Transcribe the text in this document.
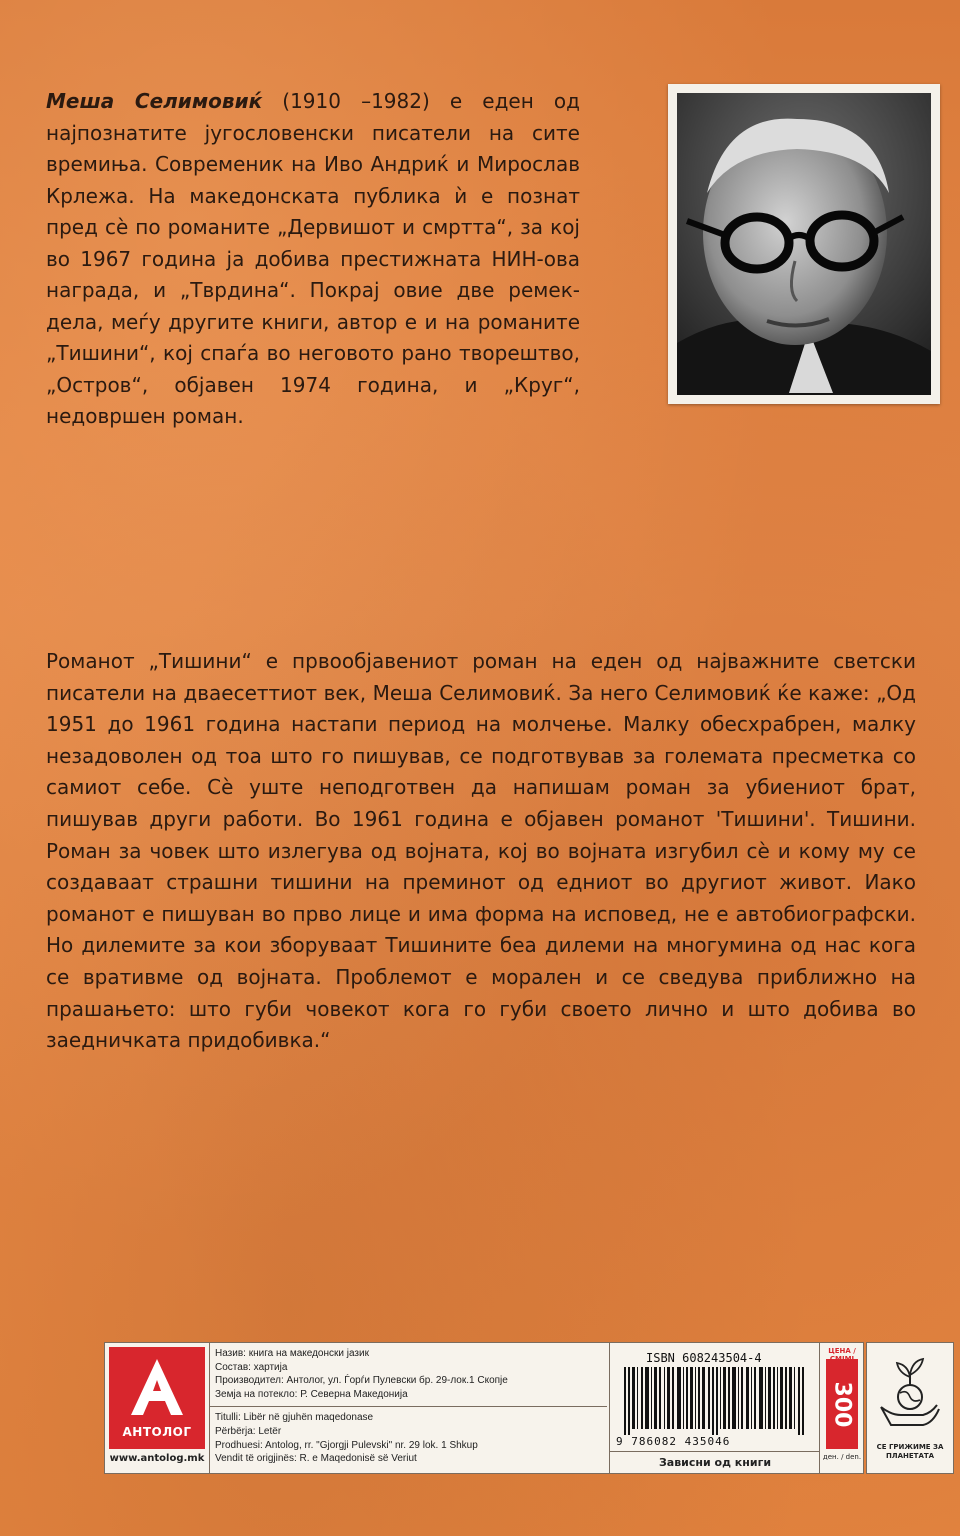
Меша Селимовиќ (1910 –1982) е еден од најпознатите југословенски писатели на сите времиња. Современик на Иво Андриќ и Мирослав Крлежа. На македонската публика ѝ е познат пред сѐ по романите „Дервишот и смртта“, за кој во 1967 година ја добива престижната НИН-ова награда, и „Тврдина“. Покрај овие две ремек-дела, меѓу другите книги, автор е и на романите „Тишини“, кој спаѓа во неговото рано творештво, „Остров“, објавен 1974 година, и „Круг“, недовршен роман.
Романот „Тишини“ е првообјавениот роман на еден од најважните светски писатели на дваесеттиот век, Меша Селимовиќ. За него Селимовиќ ќе каже: „Од 1951 до 1961 година настапи период на молчење. Малку обесхрабрен, малку незадоволен од тоа што го пишував, се подготвував за големата пресметка со самиот себе. Сѐ уште неподготвен да напишам роман за убиениот брат, пишував други работи. Во 1961 година е објавен романот 'Тишини'. Тишини. Роман за човек што излегува од војната, кој во војната изгубил сѐ и кому му се создаваат страшни тишини на преминот од едниот во другиот живот. Иако романот е пишуван во прво лице и има форма на исповед, не е автобиографски. Но дилемите за кои зборуваат Тишините беа дилеми на многумина од нас кога се вративме од војната. Проблемот е морален и се сведува приближно на прашањето: што губи човекот кога го губи своето лично и што добива во заедничката придобивка.“
АНТОЛОГ
www.antolog.mk
Назив: книга на македонски јазик
Состав: хартија
Производител: Антолог, ул. Ѓорѓи Пулевски бр. 29-лок.1 Скопје
Земја на потекло: Р. Северна Македонија
Titulli: Libër në gjuhën maqedonase
Përbërja: Letër
Prodhuesi: Antolog, rr. "Gjorgji Pulevski" nr. 29 lok. 1 Shkup
Vendit të origjinës: R. e Maqedonisë së Veriut
ISBN 608243504-4
9 786082 435046
Зависни од книги
ЦЕНА /
300
ден. / den.
СЕ ГРИЖИМЕ ЗА ПЛАНЕТАТА
